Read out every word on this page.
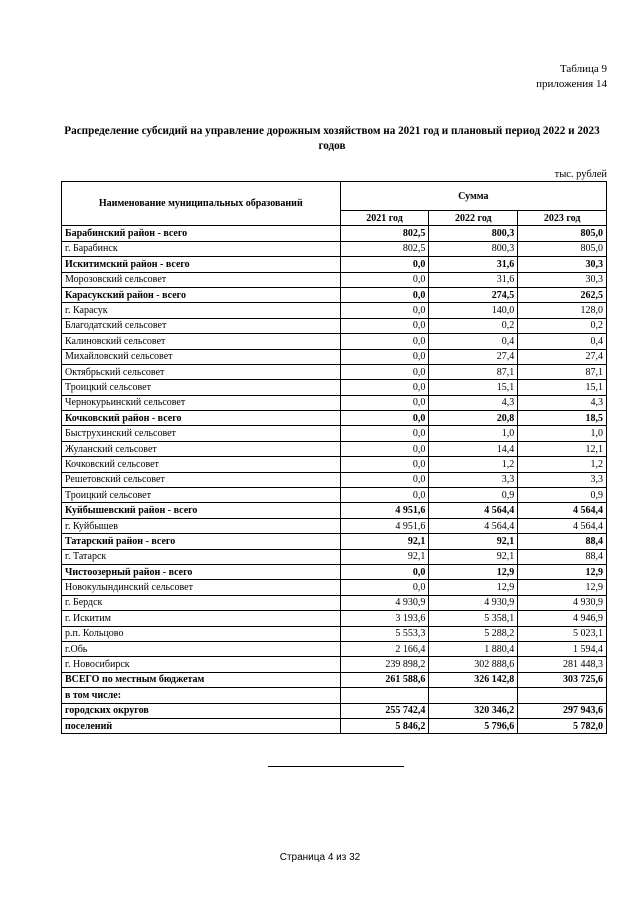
Таблица 9
приложения 14
Распределение субсидий на управление дорожным хозяйством на 2021 год и плановый период 2022 и 2023 годов
тыс. рублей
Наименование муниципальных образований	Сумма		
	2021 год	2022 год	2023 год
Барабинский район - всего	802,5	800,3	805,0
г. Барабинск	802,5	800,3	805,0
Искитимский район - всего	0,0	31,6	30,3
Морозовский сельсовет	0,0	31,6	30,3
Карасукский район - всего	0,0	274,5	262,5
г. Карасук	0,0	140,0	128,0
Благодатский сельсовет	0,0	0,2	0,2
Калиновский сельсовет	0,0	0,4	0,4
Михайловский сельсовет	0,0	27,4	27,4
Октябрьский сельсовет	0,0	87,1	87,1
Троицкий сельсовет	0,0	15,1	15,1
Чернокурьинский сельсовет	0,0	4,3	4,3
Кочковский район - всего	0,0	20,8	18,5
Быструхинский сельсовет	0,0	1,0	1,0
Жуланский сельсовет	0,0	14,4	12,1
Кочковский сельсовет	0,0	1,2	1,2
Решетовский сельсовет	0,0	3,3	3,3
Троицкий сельсовет	0,0	0,9	0,9
Куйбышевский район - всего	4 951,6	4 564,4	4 564,4
г. Куйбышев	4 951,6	4 564,4	4 564,4
Татарский район - всего	92,1	92,1	88,4
г. Татарск	92,1	92,1	88,4
Чистоозерный район - всего	0,0	12,9	12,9
Новокулындинский сельсовет	0,0	12,9	12,9
г. Бердск	4 930,9	4 930,9	4 930,9
г. Искитим	3 193,6	5 358,1	4 946,9
р.п. Кольцово	5 553,3	5 288,2	5 023,1
г.Обь	2 166,4	1 880,4	1 594,4
г. Новосибирск	239 898,2	302 888,6	281 448,3
ВСЕГО по местным бюджетам	261 588,6	326 142,8	303 725,6
в том числе:			
городских округов	255 742,4	320 346,2	297 943,6
поселений	5 846,2	5 796,6	5 782,0
Страница 4 из 32
